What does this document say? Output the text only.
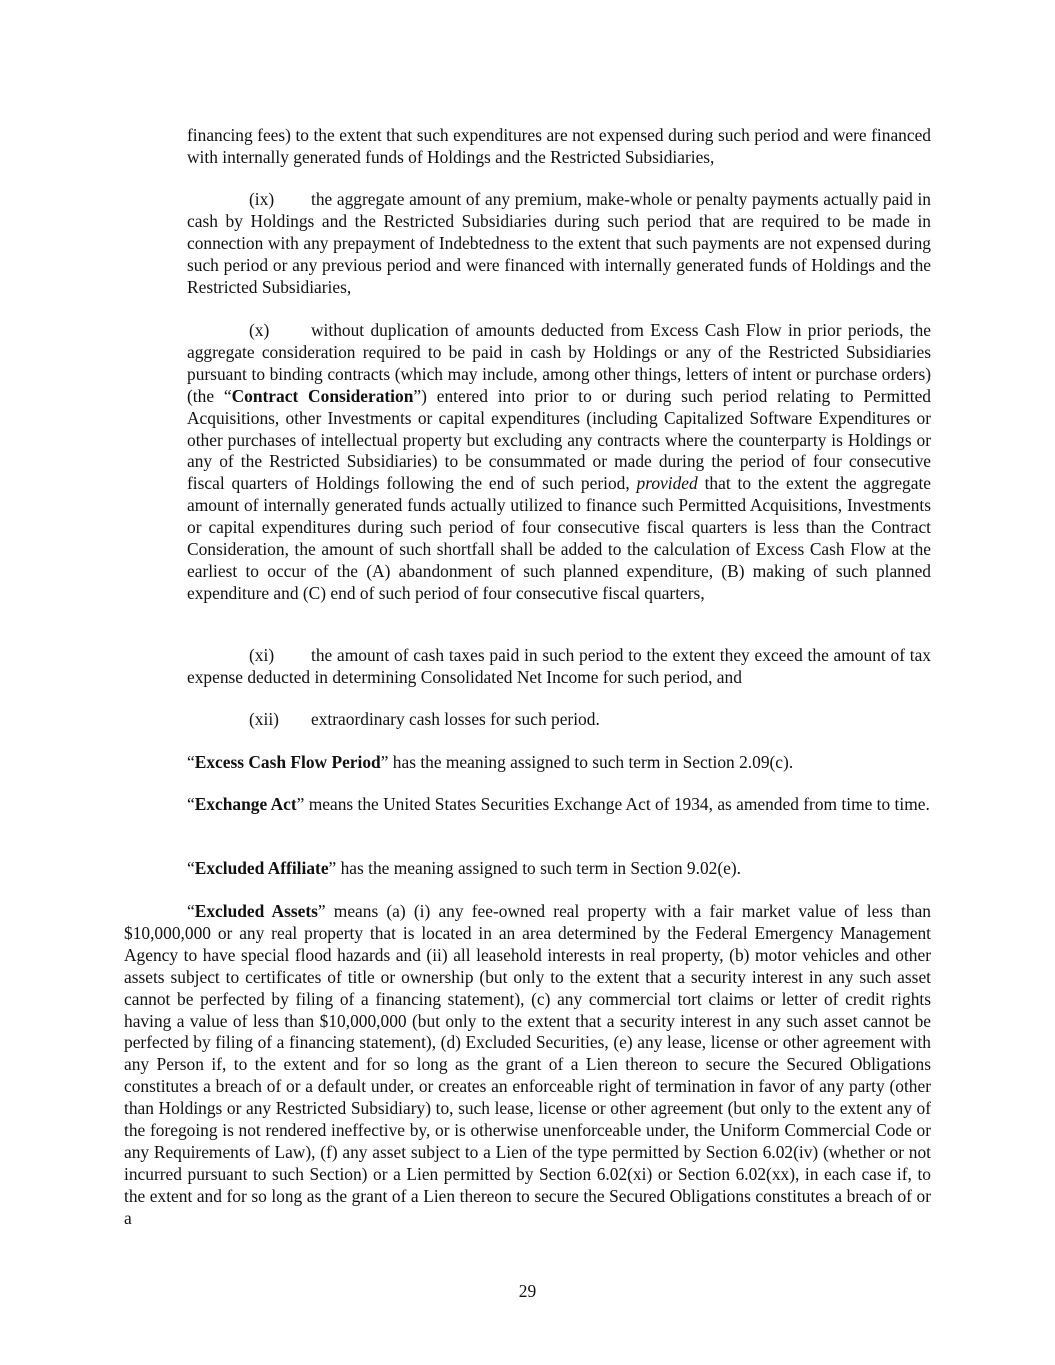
financing fees) to the extent that such expenditures are not expensed during such period and were financed with internally generated funds of Holdings and the Restricted Subsidiaries,

(ix) the aggregate amount of any premium, make-whole or penalty payments actually paid in cash by Holdings and the Restricted Subsidiaries during such period that are required to be made in connection with any prepayment of Indebtedness to the extent that such payments are not expensed during such period or any previous period and were financed with internally generated funds of Holdings and the Restricted Subsidiaries,

(x) without duplication of amounts deducted from Excess Cash Flow in prior periods, the aggregate consideration required to be paid in cash by Holdings or any of the Restricted Subsidiaries pursuant to binding contracts (which may include, among other things, letters of intent or purchase orders) (the “Contract Consideration”) entered into prior to or during such period relating to Permitted Acquisitions, other Investments or capital expenditures (including Capitalized Software Expenditures or other purchases of intellectual property but excluding any contracts where the counterparty is Holdings or any of the Restricted Subsidiaries) to be consummated or made during the period of four consecutive fiscal quarters of Holdings following the end of such period, provided that to the extent the aggregate amount of internally generated funds actually utilized to finance such Permitted Acquisitions, Investments or capital expenditures during such period of four consecutive fiscal quarters is less than the Contract Consideration, the amount of such shortfall shall be added to the calculation of Excess Cash Flow at the earliest to occur of the (A) abandonment of such planned expenditure, (B) making of such planned expenditure and (C) end of such period of four consecutive fiscal quarters,

(xi) the amount of cash taxes paid in such period to the extent they exceed the amount of tax expense deducted in determining Consolidated Net Income for such period, and

(xii) extraordinary cash losses for such period.

“Excess Cash Flow Period” has the meaning assigned to such term in Section 2.09(c).

“Exchange Act” means the United States Securities Exchange Act of 1934, as amended from time to time.

“Excluded Affiliate” has the meaning assigned to such term in Section 9.02(e).

“Excluded Assets” means (a) (i) any fee-owned real property with a fair market value of less than $10,000,000 or any real property that is located in an area determined by the Federal Emergency Management Agency to have special flood hazards and (ii) all leasehold interests in real property, (b) motor vehicles and other assets subject to certificates of title or ownership (but only to the extent that a security interest in any such asset cannot be perfected by filing of a financing statement), (c) any commercial tort claims or letter of credit rights having a value of less than $10,000,000 (but only to the extent that a security interest in any such asset cannot be perfected by filing of a financing statement), (d) Excluded Securities, (e) any lease, license or other agreement with any Person if, to the extent and for so long as the grant of a Lien thereon to secure the Secured Obligations constitutes a breach of or a default under, or creates an enforceable right of termination in favor of any party (other than Holdings or any Restricted Subsidiary) to, such lease, license or other agreement (but only to the extent any of the foregoing is not rendered ineffective by, or is otherwise unenforceable under, the Uniform Commercial Code or any Requirements of Law), (f) any asset subject to a Lien of the type permitted by Section 6.02(iv) (whether or not incurred pursuant to such Section) or a Lien permitted by Section 6.02(xi) or Section 6.02(xx), in each case if, to the extent and for so long as the grant of a Lien thereon to secure the Secured Obligations constitutes a breach of or a

29
